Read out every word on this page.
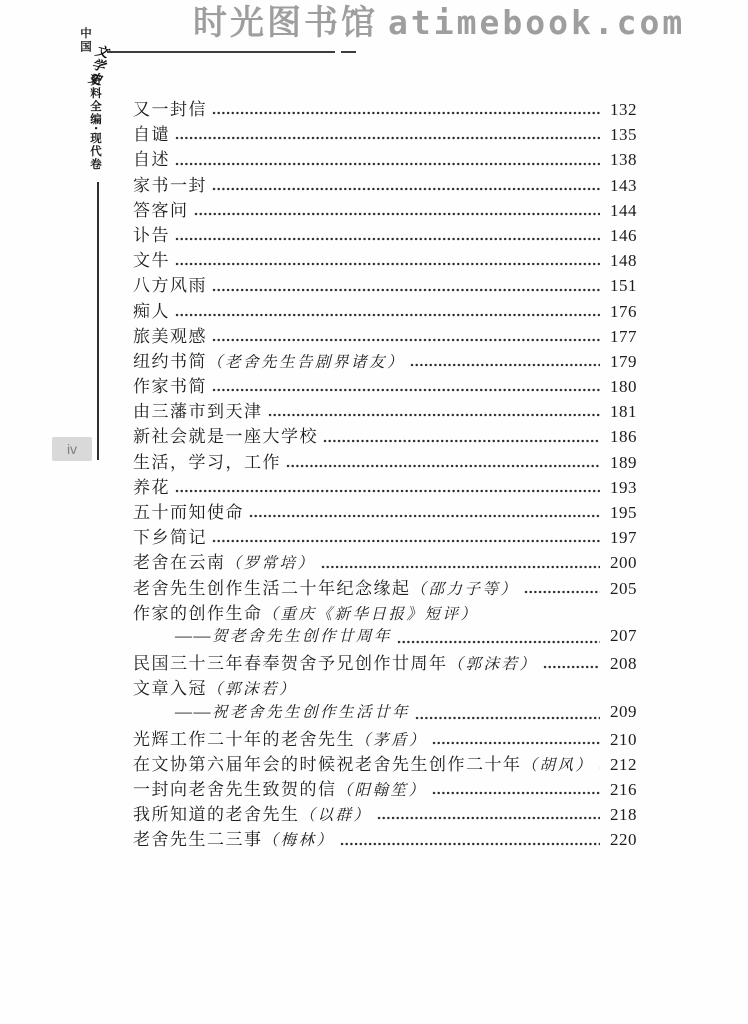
时光图书馆 atimebook.com
中国
文学史
资料全编·现代卷
iv
又一封信	132
自谴	135
自述	138
家书一封	143
答客问	144
讣告	146
文牛	148
八方风雨	151
痴人	176
旅美观感	177
纽约书简 （老舍先生告剧界诸友）	179
作家书简	180
由三藩市到天津	181
新社会就是一座大学校	186
生活，学习，工作	189
养花	193
五十而知使命	195
下乡简记	197
老舍在云南 （罗常培）	200
老舍先生创作生活二十年纪念缘起 （邵力子等）	205
作家的创作生命 （重庆《新华日报》短评）
—— 贺老舍先生创作廿周年	207
民国三十三年春奉贺舍予兄创作廿周年 （郭沫若）	208
文章入冠 （郭沫若）
—— 祝老舍先生创作生活廿年	209
光辉工作二十年的老舍先生 （茅盾）	210
在文协第六届年会的时候祝老舍先生创作二十年 （胡风） 212
一封向老舍先生致贺的信 （阳翰笙）	216
我所知道的老舍先生 （以群）	218
老舍先生二三事 （梅林）	220
